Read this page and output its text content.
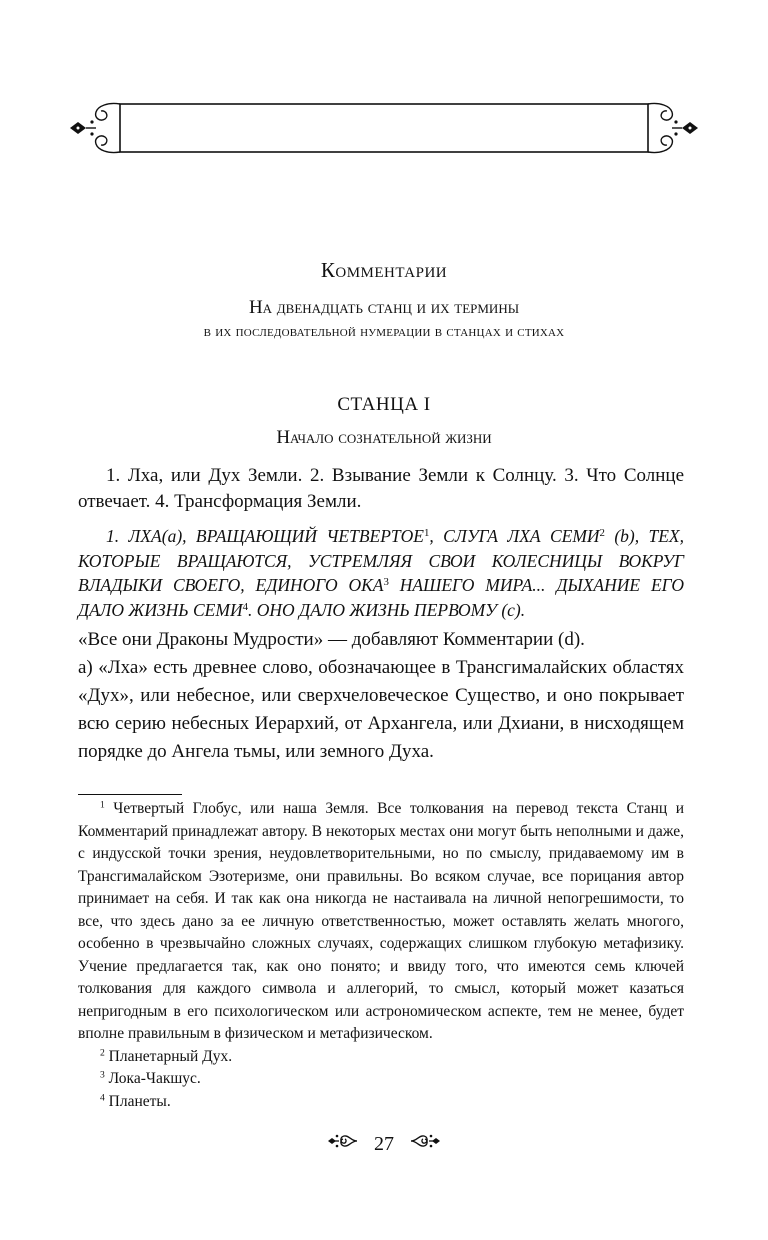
Комментарии
На двенадцать станц и их термины
в их последовательной нумерации в станцах и стихах
СТАНЦА I
Начало сознательной жизни

1. Лха, или Дух Земли. 2. Взывание Земли к Солнцу. 3. Что Солнце отвечает. 4. Трансформация Земли.

1. ЛХА(a), ВРАЩАЮЩИЙ ЧЕТВЕРТОЕ$^1$, СЛУГА ЛХА СЕМИ$^2$ (b), ТЕХ, КОТОРЫЕ ВРАЩАЮТСЯ, УСТРЕМЛЯЯ СВОИ КОЛЕСНИЦЫ ВОКРУГ ВЛАДЫКИ СВОЕГО, ЕДИНОГО ОКА$^3$ НАШЕГО МИРА... ДЫХАНИЕ ЕГО ДАЛО ЖИЗНЬ СЕМИ$^4$. ОНО ДАЛО ЖИЗНЬ ПЕРВОМУ (c).

«Все они Драконы Мудрости» — добавляют Комментарии (d).

a) «Лха» есть древнее слово, обозначающее в Трансгималайских областях «Дух», или небесное, или сверхчеловеческое Существо, и оно покрывает всю серию небесных Иерархий, от Архангела, или Дхиани, в нисходящем порядке до Ангела тьмы, или земного Духа.

$^1$ Четвертый Глобус, или наша Земля. Все толкования на перевод текста Станц и Комментарий принадлежат автору. В некоторых местах они могут быть неполными и даже, с индусской точки зрения, неудовлетворительными, но по смыслу, придаваемому им в Трансгималайском Эзотеризме, они правильны. Во всяком случае, все порицания автор принимает на себя. И так как она никогда не настаивала на личной непогрешимости, то все, что здесь дано за ее личную ответственностью, может оставлять желать многого, особенно в чрезвычайно сложных случаях, содержащих слишком глубокую метафизику. Учение предлагается так, как оно понято; и ввиду того, что имеются семь ключей толкования для каждого символа и аллегорий, то смысл, который может казаться непригодным в его психологическом или астрономическом аспекте, тем не менее, будет вполне правильным в физическом и метафизическом.

$^2$ Планетарный Дух.

$^3$ Лока-Чакшус.

$^4$ Планеты.

27
